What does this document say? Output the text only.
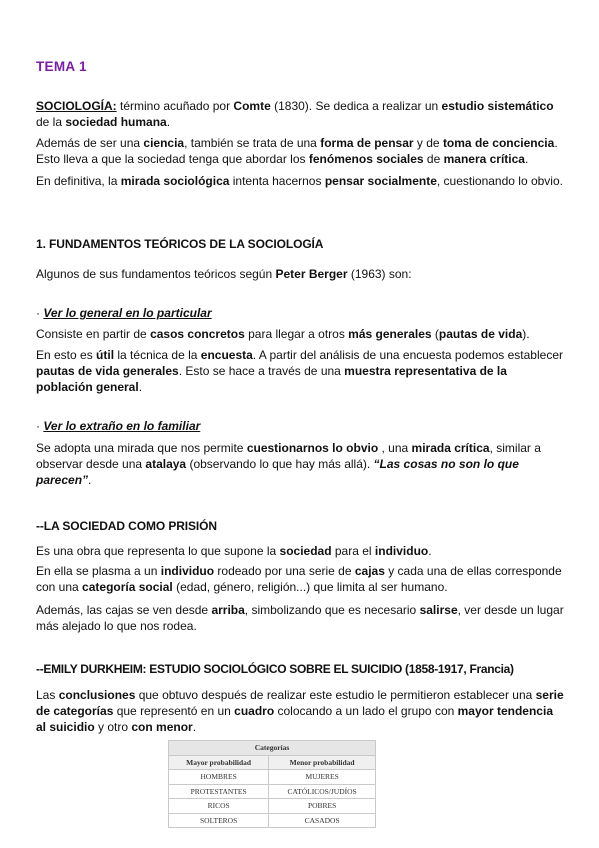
TEMA 1

SOCIOLOGÍA: término acuñado por Comte (1830). Se dedica a realizar un estudio sistemático de la sociedad humana.

Además de ser una ciencia, también se trata de una forma de pensar y de toma de conciencia. Esto lleva a que la sociedad tenga que abordar los fenómenos sociales de manera crítica.

En definitiva, la mirada sociológica intenta hacernos pensar socialmente, cuestionando lo obvio.

1. FUNDAMENTOS TEÓRICOS DE LA SOCIOLOGÍA

Algunos de sus fundamentos teóricos según Peter Berger (1963) son:

· Ver lo general en lo particular

Consiste en partir de casos concretos para llegar a otros más generales (pautas de vida).

En esto es útil la técnica de la encuesta. A partir del análisis de una encuesta podemos establecer pautas de vida generales. Esto se hace a través de una muestra representativa de la población general.

· Ver lo extraño en lo familiar

Se adopta una mirada que nos permite cuestionarnos lo obvio , una mirada crítica, similar a observar desde una atalaya (observando lo que hay más allá). “Las cosas no son lo que parecen”.

--LA SOCIEDAD COMO PRISIÓN

Es una obra que representa lo que supone la sociedad para el individuo.

En ella se plasma a un individuo rodeado por una serie de cajas y cada una de ellas corresponde con una categoría social (edad, género, religión...) que limita al ser humano.

Además, las cajas se ven desde arriba, simbolizando que es necesario salirse, ver desde un lugar más alejado lo que nos rodea.

--EMILY DURKHEIM: ESTUDIO SOCIOLÓGICO SOBRE EL SUICIDIO (1858-1917, Francia)

Las conclusiones que obtuvo después de realizar este estudio le permitieron establecer una serie de categorías que representó en un cuadro colocando a un lado el grupo con mayor tendencia al suicidio y otro con menor.

Categorías	
Mayor probabilidad	Menor probabilidad
HOMBRES	MUJERES
PROTESTANTES	CATÓLICOS/JUDÍOS
RICOS	POBRES
SOLTEROS	CASADOS
